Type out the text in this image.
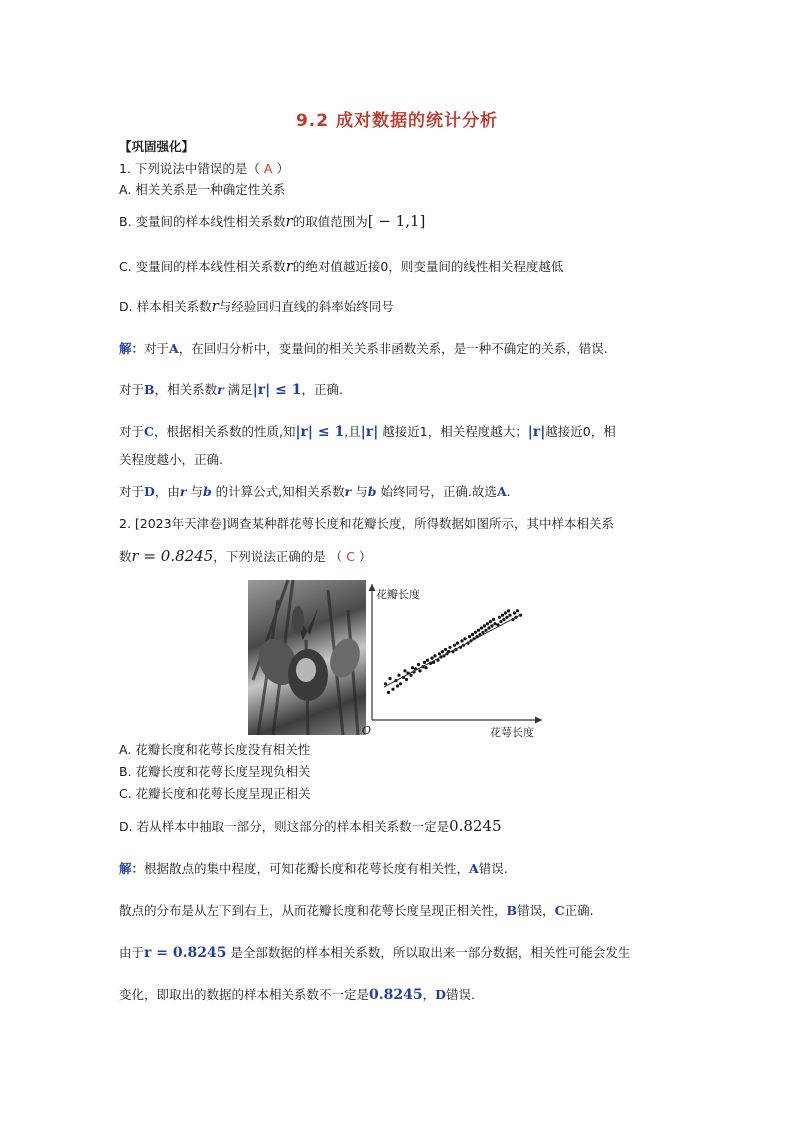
9.2 成对数据的统计分析
【巩固强化】
1. 下列说法中错误的是（ A ）
A. 相关关系是一种确定性关系
B. 变量间的样本线性相关系数r的取值范围为[ − 1,1]
C. 变量间的样本线性相关系数r的绝对值越近接0，则变量间的线性相关程度越低
D. 样本相关系数r与经验回归直线的斜率始终同号
解：对于A，在回归分析中，变量间的相关关系非函数关系，是一种不确定的关系，错误.
对于B，相关系数r 满足|r| ≤ 1，正确.
对于C，根据相关系数的性质,知|r| ≤ 1,且|r| 越接近1，相关程度越大；|r|越接近0，相
关程度越小，正确.
对于D，由r 与b 的计算公式,知相关系数r 与b 始终同号，正确.故选A.
2. [2023年天津卷]调查某种群花萼长度和花瓣长度，所得数据如图所示，其中样本相关系
数r = 0.8245，下列说法正确的是 （ C ）
花瓣长度
花萼长度
O
A. 花瓣长度和花萼长度没有相关性
B. 花瓣长度和花萼长度呈现负相关
C. 花瓣长度和花萼长度呈现正相关
D. 若从样本中抽取一部分，则这部分的样本相关系数一定是0.8245
解：根据散点的集中程度，可知花瓣长度和花萼长度有相关性，A错误.
散点的分布是从左下到右上，从而花瓣长度和花萼长度呈现正相关性，B错误，C正确.
由于r = 0.8245 是全部数据的样本相关系数，所以取出来一部分数据，相关性可能会发生
变化，即取出的数据的样本相关系数不一定是0.8245，D错误.
